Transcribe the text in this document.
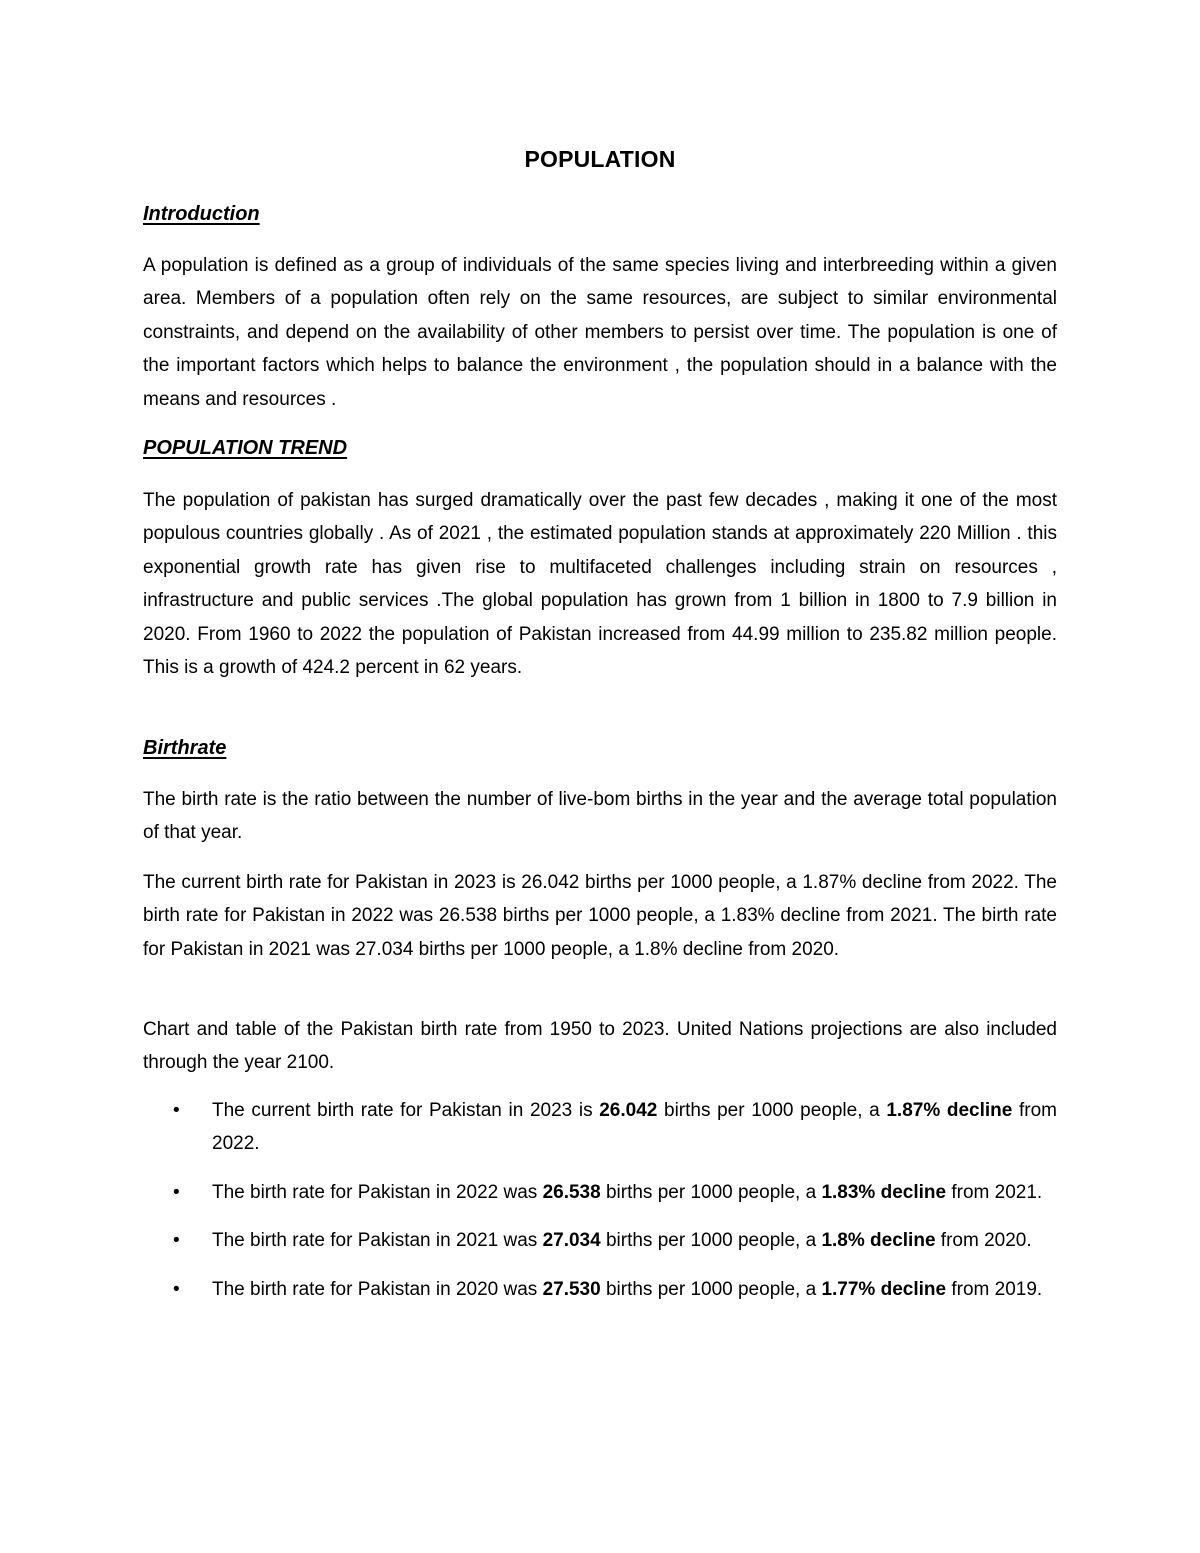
POPULATION
Introduction

A population is defined as a group of individuals of the same species living and interbreeding within a given area. Members of a population often rely on the same resources, are subject to similar environmental constraints, and depend on the availability of other members to persist over time. The population is one of the important factors which helps to balance the environment , the population should in a balance with the means and resources .

POPULATION TREND

The population of pakistan has surged dramatically over the past few decades , making it one of the most populous countries globally . As of 2021 , the estimated population stands at approximately 220 Million . this exponential growth rate has given rise to multifaceted challenges including strain on resources , infrastructure and public services .The global population has grown from 1 billion in 1800 to 7.9 billion in 2020. From 1960 to 2022 the population of Pakistan increased from 44.99 million to 235.82 million people. This is a growth of 424.2 percent in 62 years.

Birthrate

The birth rate is the ratio between the number of live-bom births in the year and the average total population of that year.

The current birth rate for Pakistan in 2023 is 26.042 births per 1000 people, a 1.87% decline from 2022. The birth rate for Pakistan in 2022 was 26.538 births per 1000 people, a 1.83% decline from 2021. The birth rate for Pakistan in 2021 was 27.034 births per 1000 people, a 1.8% decline from 2020.

Chart and table of the Pakistan birth rate from 1950 to 2023. United Nations projections are also included through the year 2100.

• The current birth rate for Pakistan in 2023 is 26.042 births per 1000 people, a 1.87% decline from 2022.
• The birth rate for Pakistan in 2022 was 26.538 births per 1000 people, a 1.83% decline from 2021.
• The birth rate for Pakistan in 2021 was 27.034 births per 1000 people, a 1.8% decline from 2020.
• The birth rate for Pakistan in 2020 was 27.530 births per 1000 people, a 1.77% decline from 2019.
